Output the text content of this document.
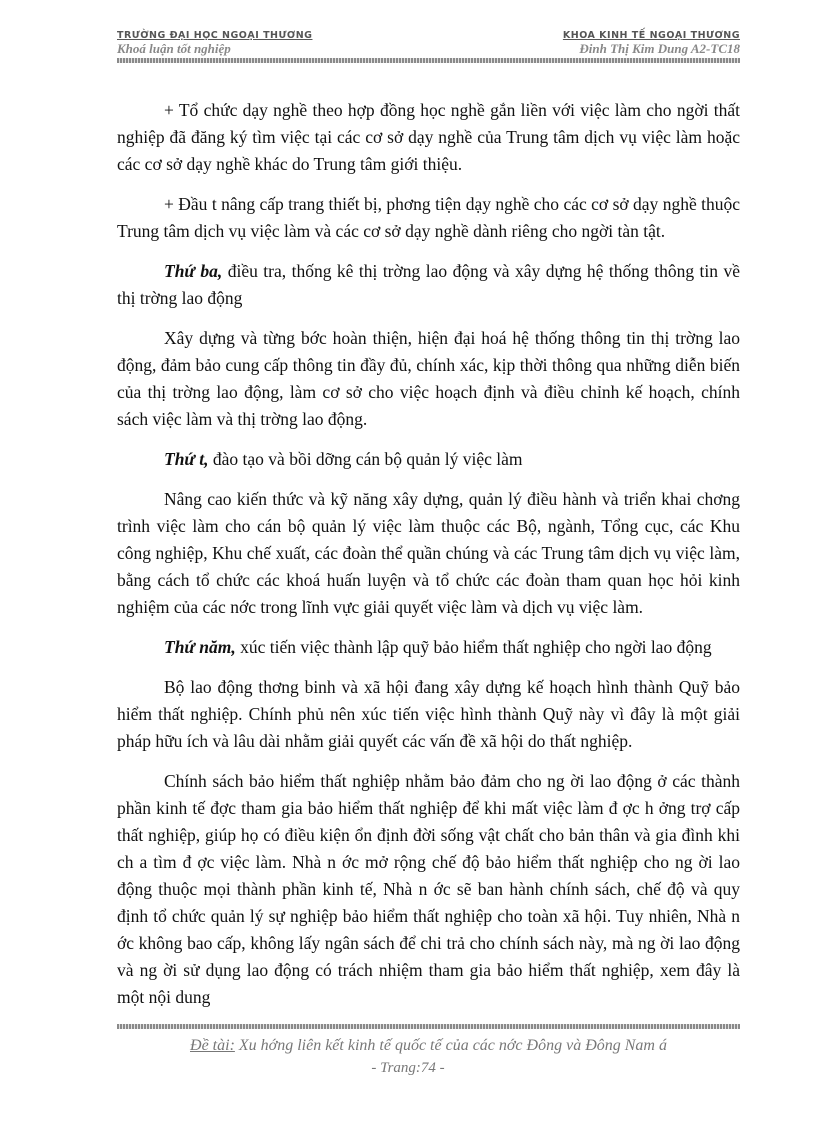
TRƯỜNG ĐẠI HỌC NGOẠI THƯƠNG
Khoá luận tốt nghiệp
KHOA KINH TẾ NGOẠI THƯƠNG
Đinh Thị Kim Dung A2-TC18

+ Tổ chức dạy nghề theo hợp đồng học nghề gắn liền với việc làm cho ngời thất nghiệp đã đăng ký tìm việc tại các cơ sở dạy nghề của Trung tâm dịch vụ việc làm hoặc các cơ sở dạy nghề khác do Trung tâm giới thiệu.

+ Đầu t nâng cấp trang thiết bị, phơng tiện dạy nghề cho các cơ sở dạy nghề thuộc Trung tâm dịch vụ việc làm và các cơ sở dạy nghề dành riêng cho ngời tàn tật.

Thứ ba, điều tra, thống kê thị trờng lao động và xây dựng hệ thống thông tin về thị trờng lao động

Xây dựng và từng bớc hoàn thiện, hiện đại hoá hệ thống thông tin thị trờng lao động, đảm bảo cung cấp thông tin đầy đủ, chính xác, kịp thời thông qua những diễn biến của thị trờng lao động, làm cơ sở cho việc hoạch định và điều chỉnh kế hoạch, chính sách việc làm và thị trờng lao động.

Thứ t, đào tạo và bồi dỡng cán bộ quản lý việc làm

Nâng cao kiến thức và kỹ năng xây dựng, quản lý điều hành và triển khai chơng trình việc làm cho cán bộ quản lý việc làm thuộc các Bộ, ngành, Tổng cục, các Khu công nghiệp, Khu chế xuất, các đoàn thể quần chúng và các Trung tâm dịch vụ việc làm, bằng cách tổ chức các khoá huấn luyện và tổ chức các đoàn tham quan học hỏi kinh nghiệm của các nớc trong lĩnh vực giải quyết việc làm và dịch vụ việc làm.

Thứ năm, xúc tiến việc thành lập quỹ bảo hiểm thất nghiệp cho ngời lao động

Bộ lao động thơng binh và xã hội đang xây dựng kế hoạch hình thành Quỹ bảo hiểm thất nghiệp. Chính phủ nên xúc tiến việc hình thành Quỹ này vì đây là một giải pháp hữu ích và lâu dài nhằm giải quyết các vấn đề xã hội do thất nghiệp.

Chính sách bảo hiểm thất nghiệp nhằm bảo đảm cho ng ời lao động ở các thành phần kinh tế đợc tham gia bảo hiểm thất nghiệp để khi mất việc làm đ ợc h ởng trợ cấp thất nghiệp, giúp họ có điều kiện ổn định đời sống vật chất cho bản thân và gia đình khi ch a tìm đ ợc việc làm. Nhà n ớc mở rộng chế độ bảo hiểm thất nghiệp cho ng ời lao động thuộc mọi thành phần kinh tế, Nhà n ớc sẽ ban hành chính sách, chế độ và quy định tổ chức quản lý sự nghiệp bảo hiểm thất nghiệp cho toàn xã hội. Tuy nhiên, Nhà n ớc không bao cấp, không lấy ngân sách để chi trả cho chính sách này, mà ng ời lao động và ng ời sử dụng lao động có trách nhiệm tham gia bảo hiểm thất nghiệp, xem đây là một nội dung

Đề tài: Xu hớng liên kết kinh tế quốc tế của các nớc Đông và Đông Nam á
- Trang:74 -
